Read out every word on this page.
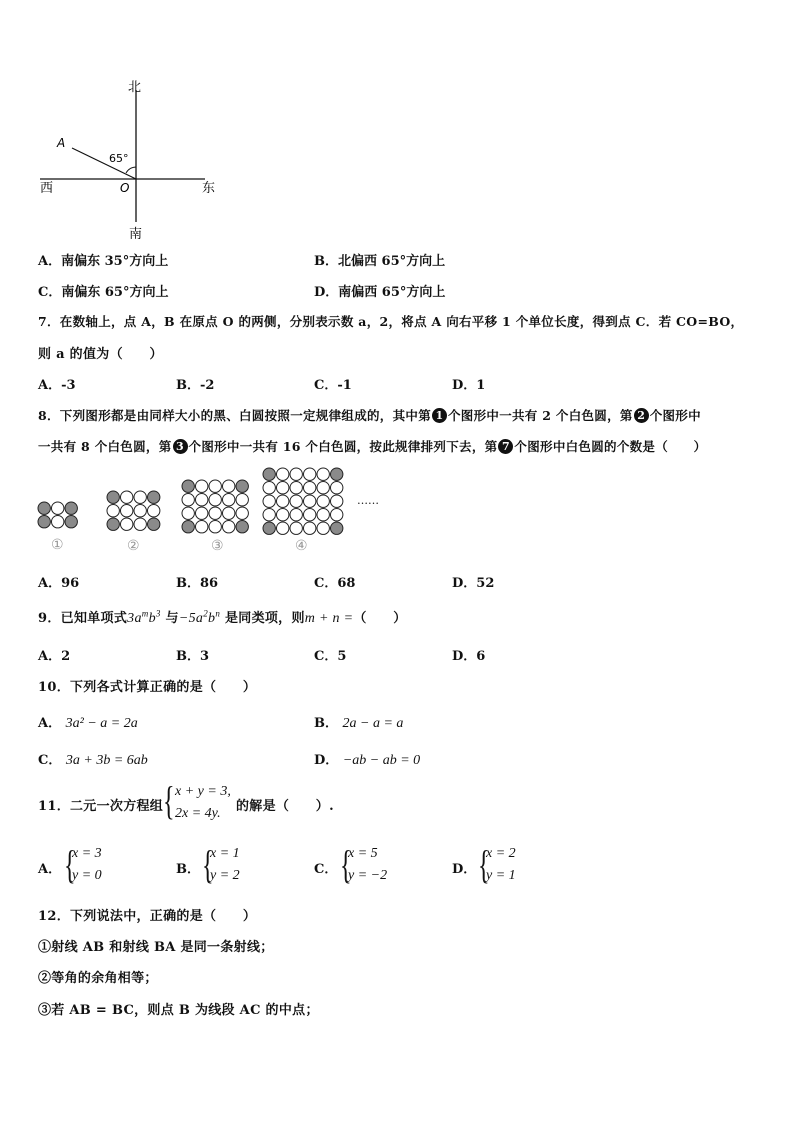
北
南
东
西	O
A
65°
A．南偏东 35°方向上	B．北偏西 65°方向上
C．南偏东 65°方向上	D．南偏西 65°方向上
7．在数轴上，点 A，B 在原点 O 的两侧，分别表示数 a，2，将点 A 向右平移 1 个单位长度，得到点 C．若 CO=BO，
则 a 的值为（　　）
A．-3	B．-2	C．-1	D．1
8．下列图形都是由同样大小的黑、白圆按照一定规律组成的，其中第 1 个图形中一共有 2 个白色圆，第 2 个图形中
一共有 8 个白色圆，第 3 个图形中一共有 16 个白色圆，按此规律排列下去，第 7 个图形中白色圆的个数是（　　）
①	②	③	④
……
A．96	B．86	C．68	D．52
9．已知单项式$3a^mb^3$ 与$-5a^2b^n$ 是同类项，则m + n =（　　）
A．2	B．3	C．5	D．6
10．下列各式计算正确的是（　　）
A． 3a² − a = 2a	B． 2a − a = a
C． 3a + 3b = 6ab	D． −ab − ab = 0
11．二元一次方程组 { x + y = 3,
2x = 4y.	的解是（　　）.
A． {
x = 3
y = 0	B． {
x = 1
y = 2	C． {
x = 5
y = −2	D． {
x = 2
y = 1
12．下列说法中，正确的是（　　）
①射线 AB 和射线 BA 是同一条射线；
②等角的余角相等；
③若 AB = BC，则点 B 为线段 AC 的中点；
